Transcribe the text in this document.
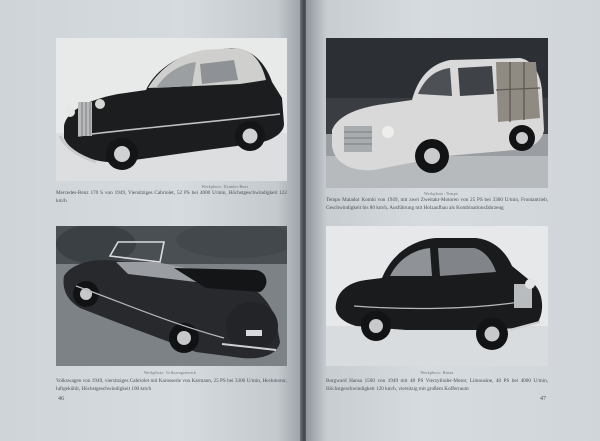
Werkphoto: Daimler-Benz
Mercedes-Benz 170 S von 1949, Viersitziges Cabriolet, 52 PS bei 4000 U/min, Höchstgeschwindigkeit 122 km/h
Werkphoto: Volkswagenwerk
Volkswagen von 1949, viersitziges Cabriolet mit Karosserie von Karmann, 25 PS bei 3300 U/min, Heckmotor, luftgekühlt, Höchstgeschwindigkeit 100 km/h
46
Werkphoto: Tempo
Tempo Matador Kombi von 1949, mit zwei Zweitakt-Motoren von 25 PS bei 3300 U/min, Frontantrieb, Geschwindigkeit bis 80 km/h, Ausführung mit Holzaufbau als Kombinationsfahrzeug
Werkphoto: Hansa
Borgward Hansa 1500 von 1949 mit 48 PS Vierzylinder-Motor, Limousine, 48 PS bei 4000 U/min, Höchstgeschwindigkeit 120 km/h, viersitzig mit großem Kofferraum
47
